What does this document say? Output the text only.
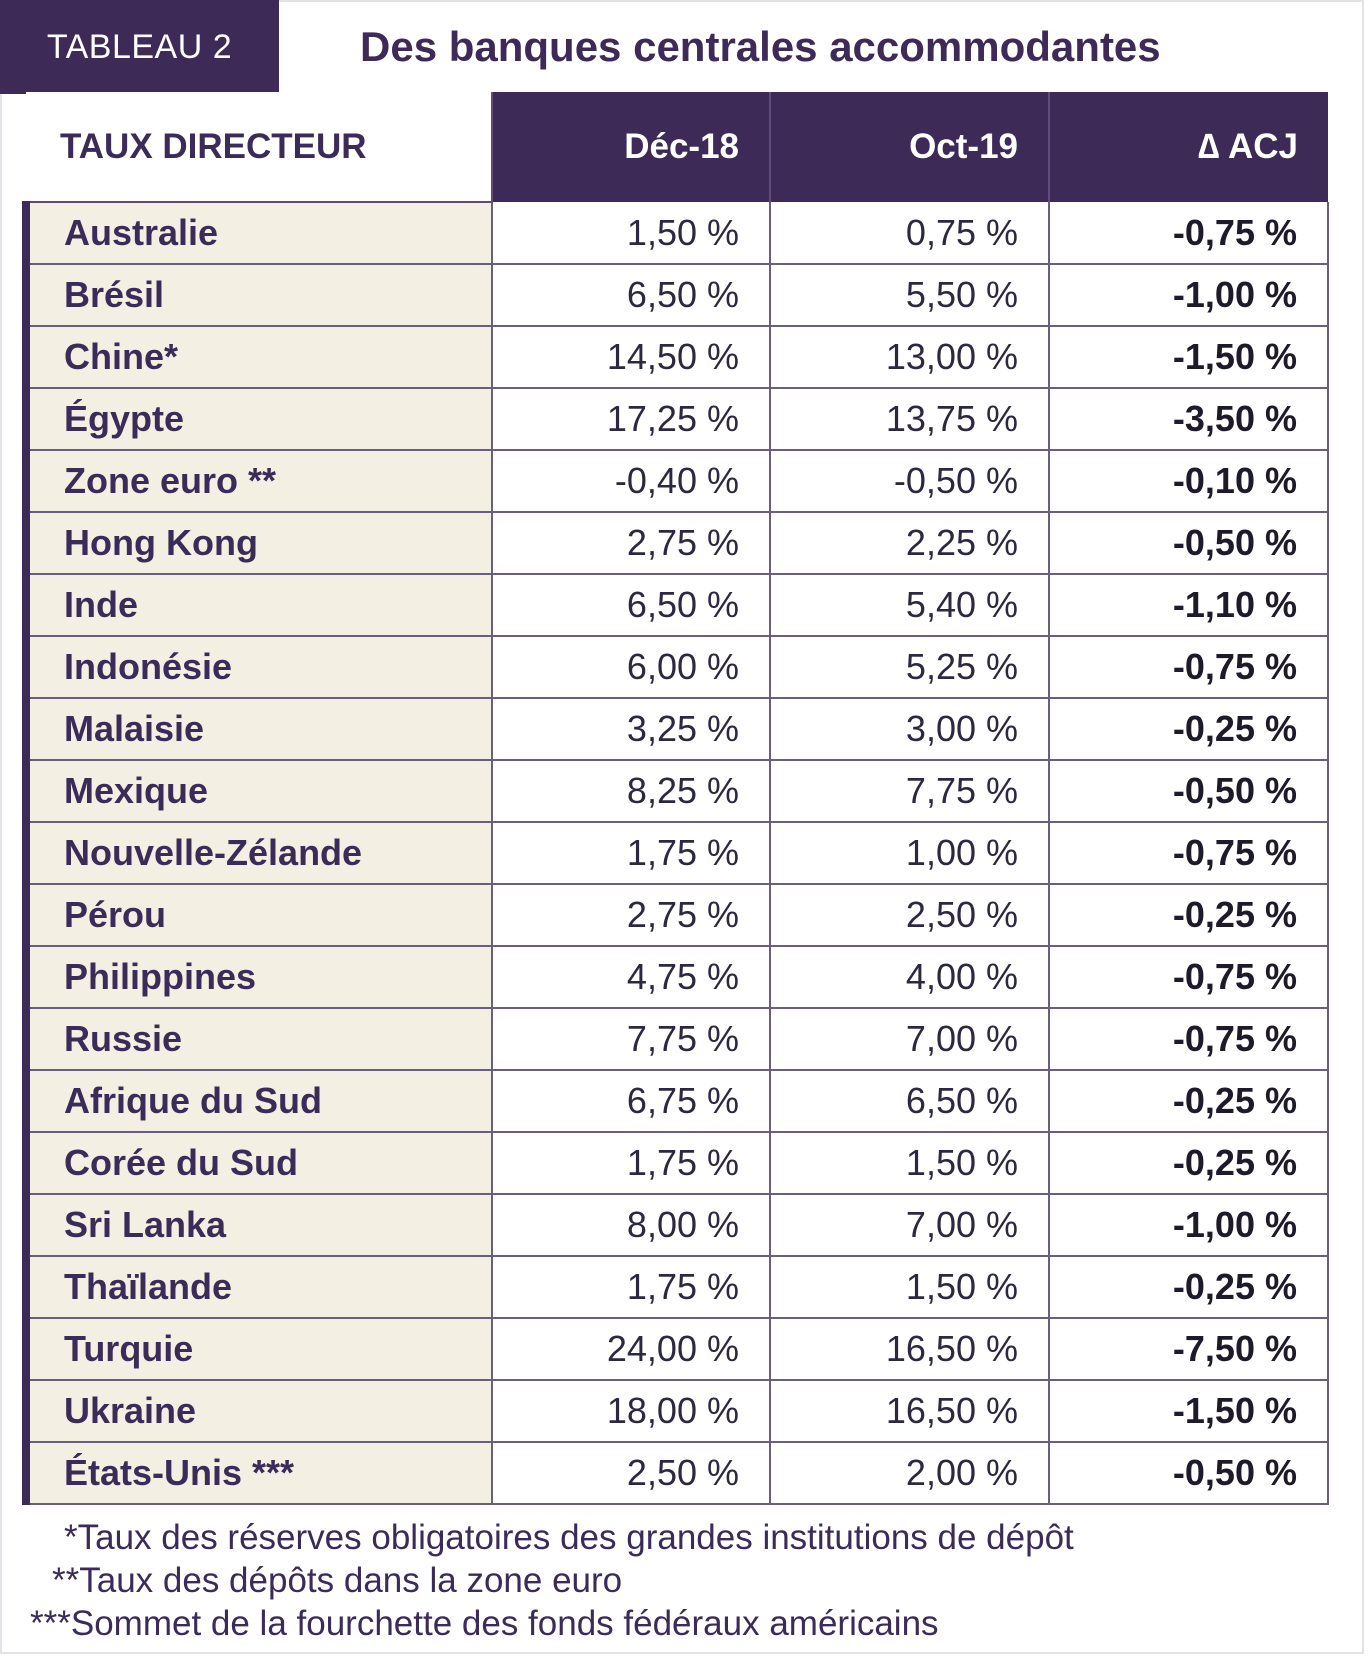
TABLEAU 2	Des banques centrales accommodantes
TAUX DIRECTEUR	Déc-18	Oct-19	∆ ACJ
Australie	1,50 %	0,75 %	-0,75 %
Brésil	6,50 %	5,50 %	-1,00 %
Chine*	14,50 %	13,00 %	-1,50 %
Égypte	17,25 %	13,75 %	-3,50 %
Zone euro **	-0,40 %	-0,50 %	-0,10 %
Hong Kong	2,75 %	2,25 %	-0,50 %
Inde	6,50 %	5,40 %	-1,10 %
Indonésie	6,00 %	5,25 %	-0,75 %
Malaisie	3,25 %	3,00 %	-0,25 %
Mexique	8,25 %	7,75 %	-0,50 %
Nouvelle-Zélande	1,75 %	1,00 %	-0,75 %
Pérou	2,75 %	2,50 %	-0,25 %
Philippines	4,75 %	4,00 %	-0,75 %
Russie	7,75 %	7,00 %	-0,75 %
Afrique du Sud	6,75 %	6,50 %	-0,25 %
Corée du Sud	1,75 %	1,50 %	-0,25 %
Sri Lanka	8,00 %	7,00 %	-1,00 %
Thaïlande	1,75 %	1,50 %	-0,25 %
Turquie	24,00 %	16,50 %	-7,50 %
Ukraine	18,00 %	16,50 %	-1,50 %
États-Unis ***	2,50 %	2,00 %	-0,50 %
*Taux des réserves obligatoires des grandes institutions de dépôt
**Taux des dépôts dans la zone euro
***Sommet de la fourchette des fonds fédéraux américains
